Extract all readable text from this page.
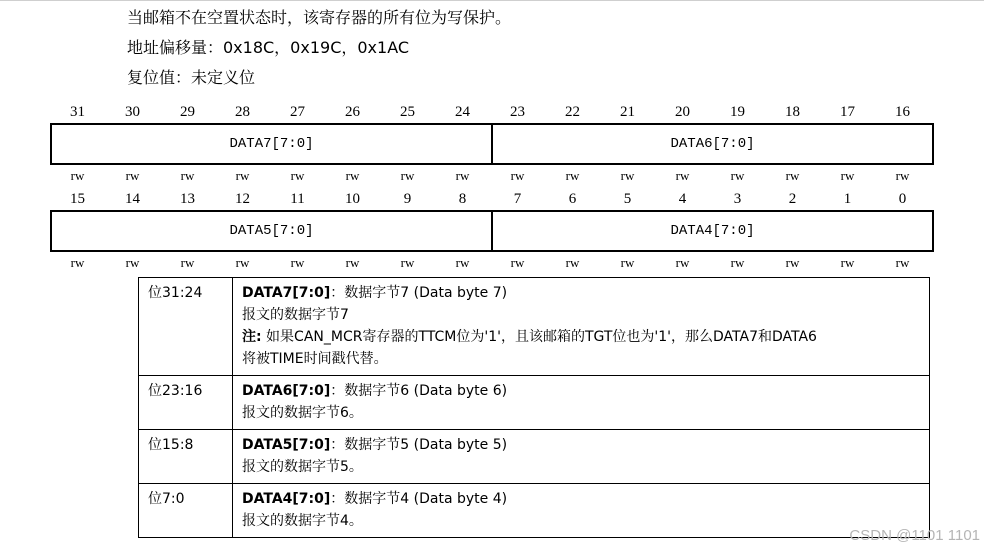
当邮箱不在空置状态时，该寄存器的所有位为写保护。
地址偏移量：0x18C，0x19C，0x1AC
复位值：未定义位
31	30	29	28	27	26	25	24	23	22	21	20	19	18	17	16
DATA7[7:0]	DATA6[7:0]
rw	rw	rw	rw	rw	rw	rw	rw	rw	rw	rw	rw	rw	rw	rw	rw
15	14	13	12	11	10	9	8	7	6	5	4	3	2	1	0
DATA5[7:0]	DATA4[7:0]
rw	rw	rw	rw	rw	rw	rw	rw	rw	rw	rw	rw	rw	rw	rw	rw
位31:24	DATA7[7:0]：数据字节7 (Data byte 7)
报文的数据字节7
注: 如果CAN_MCR寄存器的TTCM位为'1'，且该邮箱的TGT位也为'1'，那么DATA7和DATA6
将被TIME时间戳代替。

位23:16	DATA6[7:0]：数据字节6 (Data byte 6)
报文的数据字节6。

位15:8	DATA5[7:0]：数据字节5 (Data byte 5)
报文的数据字节5。

位7:0	DATA4[7:0]：数据字节4 (Data byte 4)
报文的数据字节4。
CSDN @1101 1101
